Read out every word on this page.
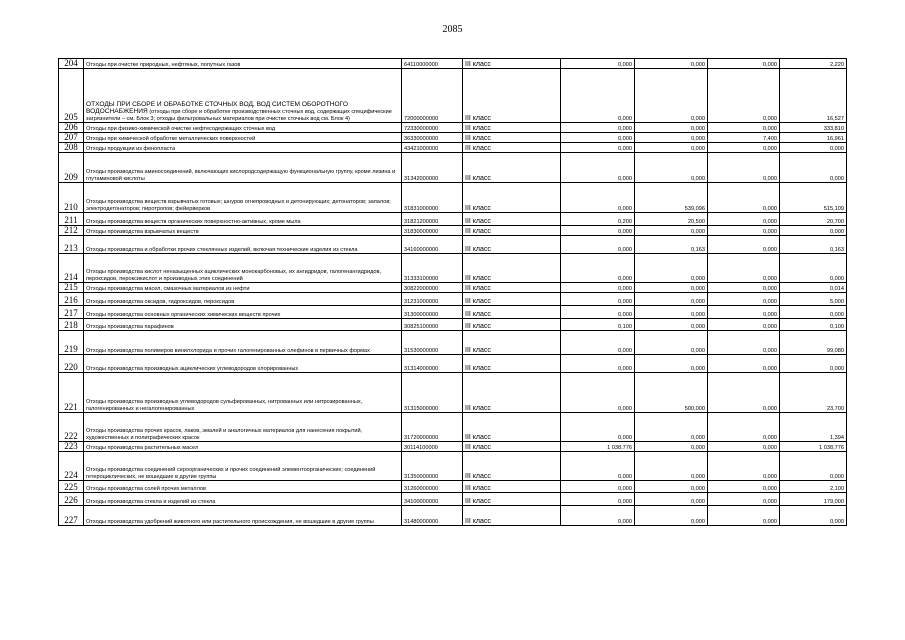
2085
204	Отходы при очистке природных, нефтяных, попутных газов	64110000000	III класс	0,000	0,000	0,000	2,220
205	ОТХОДЫ ПРИ СБОРЕ И ОБРАБОТКЕ СТОЧНЫХ ВОД, ВОД СИСТЕМ ОБОРОТНОГО ВОДОСНАБЖЕНИЯ (отходы при сборе и обработке производственных сточных вод, содержащих специфические загрязнители – см. Блок 3; отходы фильтровальных материалов при очистке сточных вод см. Блок 4)	72000000000	III класс	0,000	0,000	0,000	16,527
206	Отходы при физико-химической очистке нефтесодержащих сточных вод	72330000000	III класс	0,000	0,000	0,000	333,810
207	Отходы при химической обработке металлических поверхностей	36330000000	III класс	0,000	0,000	7,400	16,961
208	Отходы продукции из фенопласта	43421000000	III класс	0,000	0,000	0,000	0,000
209	Отходы производства аминосоединений, включающих кислородсодержащую функциональную группу, кроме лизина и глутаминовой кислоты	31342000000	III класс	0,000	0,000	0,000	0,000
210	Отходы производства веществ взрывчатых готовых; шнуров огнепроводных и детонирующих; детонаторов; запалов; электродетонаторов; пиротропов; фейерверков	31831000000	III класс	0,000	539,096	0,000	515,109
211	Отходы производства веществ органических поверхностно-активных, кроме мыла	31821200000	III класс	0,200	20,500	0,000	20,700
212	Отходы производства взрывчатых веществ	31830000000	III класс	0,000	0,000	0,000	0,000
213	Отходы производства и обработки прочих стеклянных изделий, включая технические изделия из стекла	34160000000	III класс	0,000	0,163	0,000	0,163
214	Отходы производства кислот неназыщенных ациклических монокарбоновых, их ангидридов, галогенангидридов, пероксидов, пероксикислот и производных этих соединений	31333100000	III класс	0,000	0,000	0,000	0,000
215	Отходы производства масел, смазочных материалов из нефти	30822000000	III класс	0,000	0,000	0,000	0,014
216	Отходы производства оксидов, гидроксидов, пероксидов	31231000000	III класс	0,000	0,000	0,000	5,000
217	Отходы производства основных органических химических веществ прочих	31300000000	III класс	0,000	0,000	0,000	0,000
218	Отходы производства парафинов	30825100000	III класс	0,100	0,000	0,000	0,100
219	Отходы производства полимеров винилхлорида и прочих галогенированных олефинов в первичных формах	31530000000	III класс	0,000	0,000	0,000	99,080
220	Отходы производства производных ациклических углеводородов хлорированных	31314000000	III класс	0,000	0,000	0,000	0,000
221	Отходы производства производных углеводородов сульфированных, нитрованных или нитрозированных, галогенированных и негалогенированных	31315000000	III класс	0,000	500,000	0,000	23,700
222	Отходы производства прочих красок, лаков, эмалей и аналогичных материалов для нанесения покрытий, художественных и полиграфических красок	31720000000	III класс	0,000	0,000	0,000	1,394
223	Отходы производства растительных масел	30114100000	III класс	1 038,776	0,000	0,000	1 038,776
224	Отходы производства соединений сероорганических и прочих соединений элементоорганических; соединений гетероциклических, не вошедшие в другие группы	31350000000	III класс	0,000	0,000	0,000	0,000
225	Отходы производства солей прочих металлов	31260000000	III класс	0,000	0,000	0,000	2,100
226	Отходы производства стекла и изделий из стекла	34100000000	III класс	0,000	0,000	0,000	179,000
227	Отходы производства удобрений животного или растительного происхождения, не вошедшие в другие группы	31480000000	III класс	0,000	0,000	0,000	0,000
